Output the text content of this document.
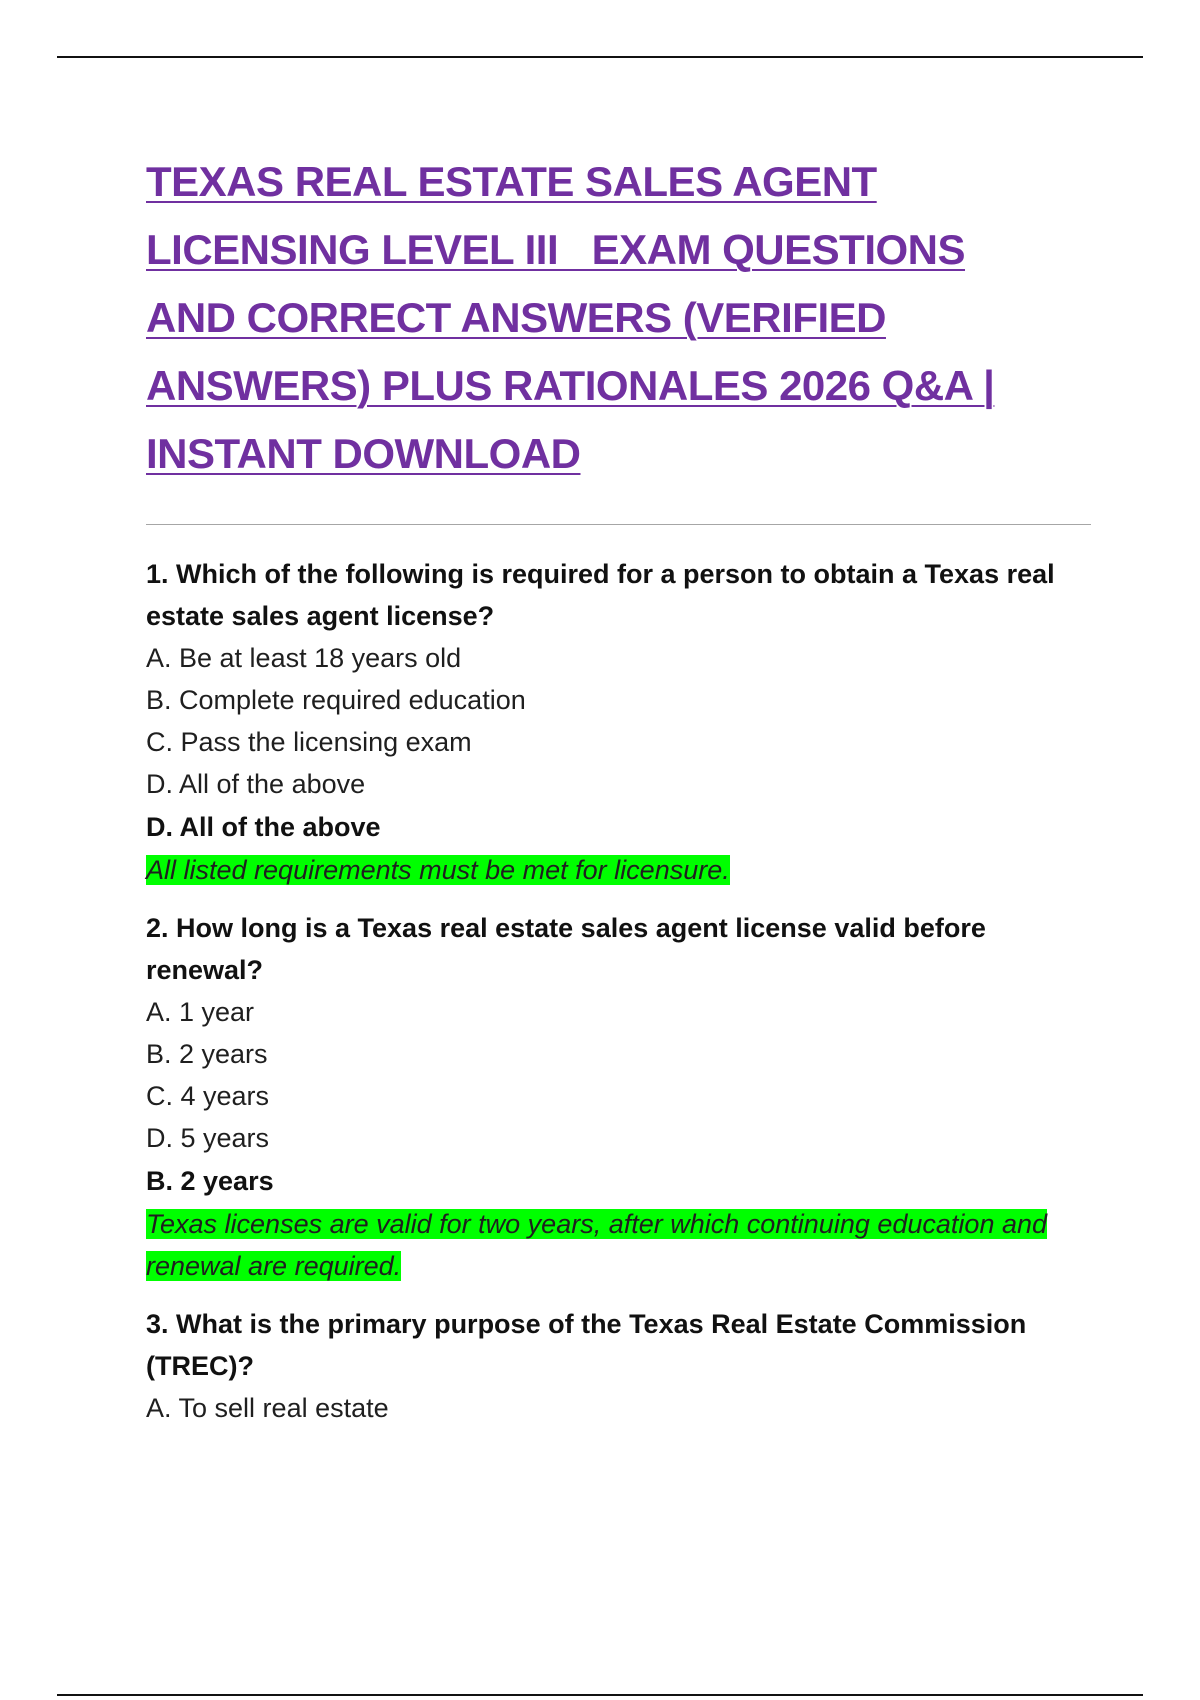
TEXAS REAL ESTATE SALES AGENT
LICENSING LEVEL III   EXAM QUESTIONS
AND CORRECT ANSWERS (VERIFIED
ANSWERS) PLUS RATIONALES 2026 Q&A |
INSTANT DOWNLOAD

1. Which of the following is required for a person to obtain a Texas real estate sales agent license?

A. Be at least 18 years old

B. Complete required education

C. Pass the licensing exam

D. All of the above

D. All of the above

All listed requirements must be met for licensure.

2. How long is a Texas real estate sales agent license valid before renewal?

A. 1 year

B. 2 years

C. 4 years

D. 5 years

B. 2 years

Texas licenses are valid for two years, after which continuing education and renewal are required.

3. What is the primary purpose of the Texas Real Estate Commission (TREC)?

A. To sell real estate
